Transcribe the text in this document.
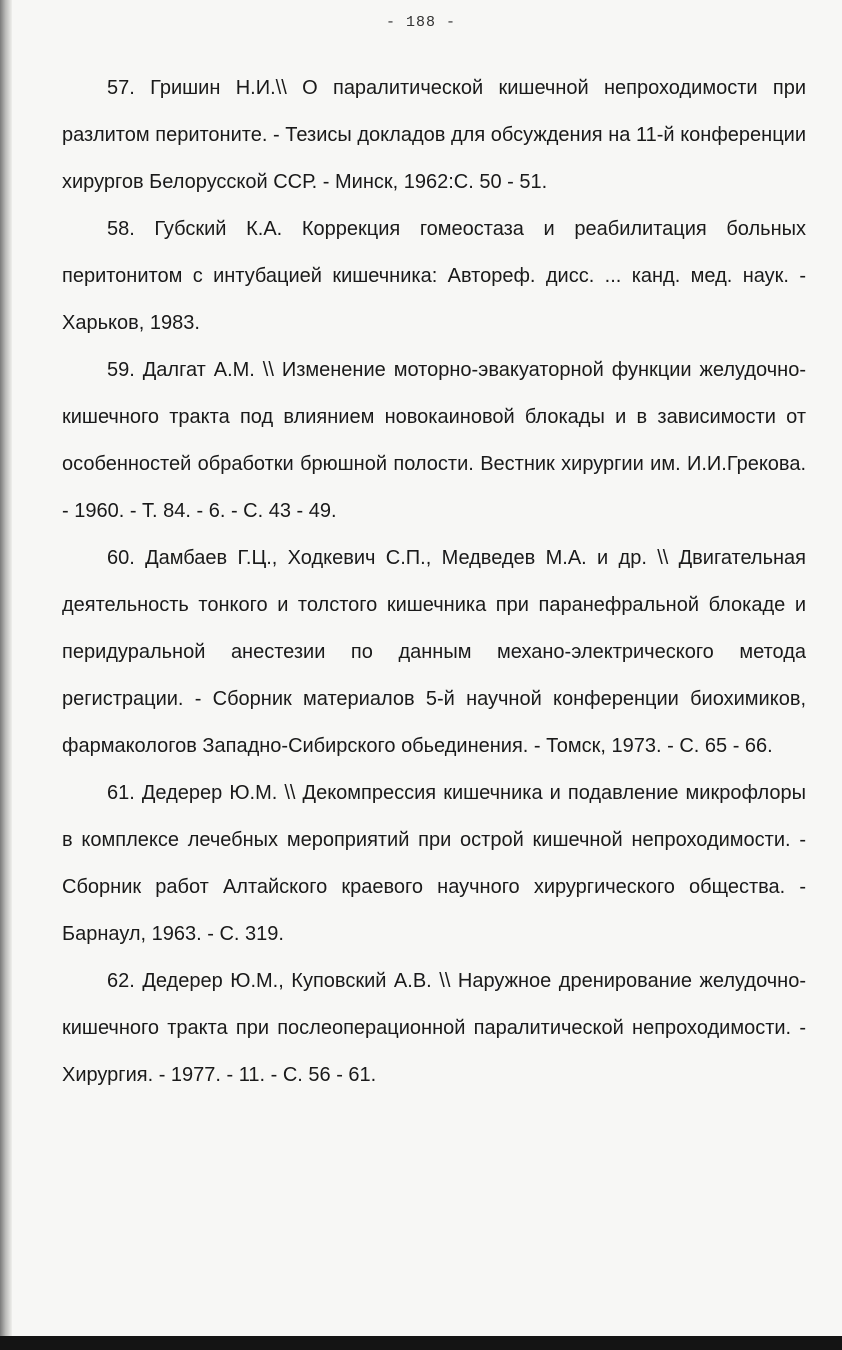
- 188 -

57. Гришин Н.И.\\ О паралитической кишечной непроходимости при разлитом перитоните. - Тезисы докладов для обсуждения на 11-й конференции хирургов Белорусской ССР. - Минск, 1962:С. 50 - 51.

58. Губский К.А. Коррекция гомеостаза и реабилитация больных перитонитом с интубацией кишечника: Автореф. дисс. ... канд. мед. наук. - Харьков, 1983.

59. Далгат А.М. \\ Изменение моторно-эвакуаторной функции желудочно-кишечного тракта под влиянием новокаиновой блокады и в зависимости от особенностей обработки брюшной полости. Вестник хирургии им. И.И.Грекова. - 1960. - Т. 84. - 6. - С. 43 - 49.

60. Дамбаев Г.Ц., Ходкевич С.П., Медведев М.А. и др. \\ Двигательная деятельность тонкого и толстого кишечника при паранефральной блокаде и перидуральной анестезии по данным механо-электрического метода регистрации. - Сборник материалов 5-й научной конференции биохимиков, фармакологов Западно-Сибирского обьединения. - Томск, 1973. - С. 65 - 66.

61. Дедерер Ю.М. \\ Декомпрессия кишечника и подавление микрофлоры в комплексе лечебных мероприятий при острой кишечной непроходимости. - Сборник работ Алтайского краевого научного хирургического общества. - Барнаул, 1963. - С. 319.

62. Дедерер Ю.М., Куповский А.В. \\ Наружное дренирование желудочно-кишечного тракта при послеоперационной паралитической непроходимости. - Хирургия. - 1977. - 11. - С. 56 - 61.
